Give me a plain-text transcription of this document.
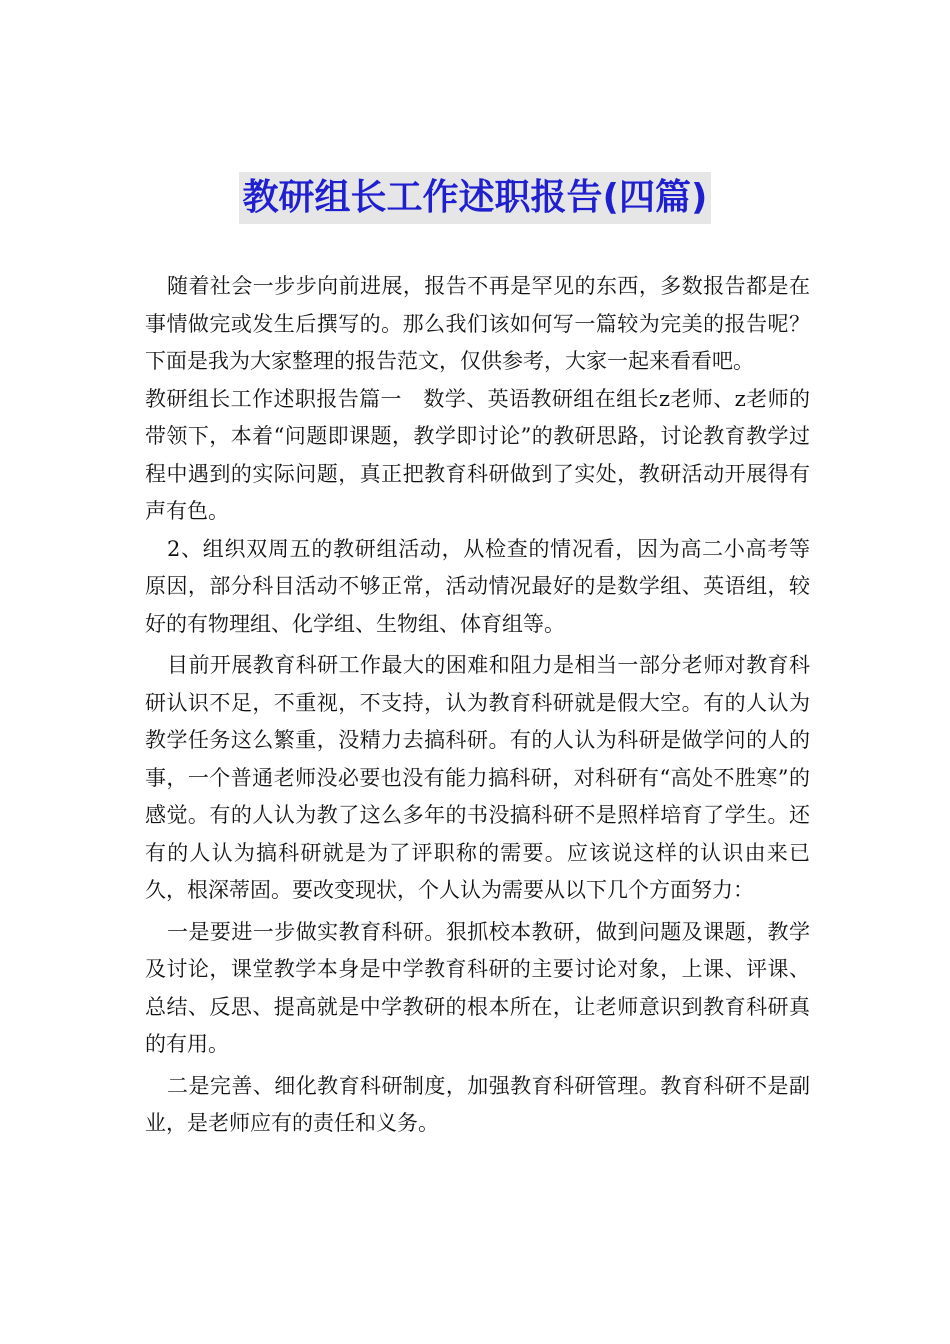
教研组长工作述职报告(四篇)

随着社会一步步向前进展，报告不再是罕见的东西，多数报告都是在事情做完或发生后撰写的。那么我们该如何写一篇较为完美的报告呢？下面是我为大家整理的报告范文，仅供参考，大家一起来看看吧。

教研组长工作述职报告篇一　数学、英语教研组在组长z老师、z老师的带领下，本着“问题即课题，教学即讨论”的教研思路，讨论教育教学过程中遇到的实际问题，真正把教育科研做到了实处，教研活动开展得有声有色。

2、组织双周五的教研组活动，从检查的情况看，因为高二小高考等原因，部分科目活动不够正常，活动情况最好的是数学组、英语组，较好的有物理组、化学组、生物组、体育组等。

目前开展教育科研工作最大的困难和阻力是相当一部分老师对教育科研认识不足，不重视，不支持，认为教育科研就是假大空。有的人认为教学任务这么繁重，没精力去搞科研。有的人认为科研是做学问的人的事，一个普通老师没必要也没有能力搞科研，对科研有“高处不胜寒”的感觉。有的人认为教了这么多年的书没搞科研不是照样培育了学生。还有的人认为搞科研就是为了评职称的需要。应该说这样的认识由来已久，根深蒂固。要改变现状，个人认为需要从以下几个方面努力：

一是要进一步做实教育科研。狠抓校本教研，做到问题及课题，教学及讨论，课堂教学本身是中学教育科研的主要讨论对象，上课、评课、总结、反思、提高就是中学教研的根本所在，让老师意识到教育科研真的有用。

二是完善、细化教育科研制度，加强教育科研管理。教育科研不是副业，是老师应有的责任和义务。
